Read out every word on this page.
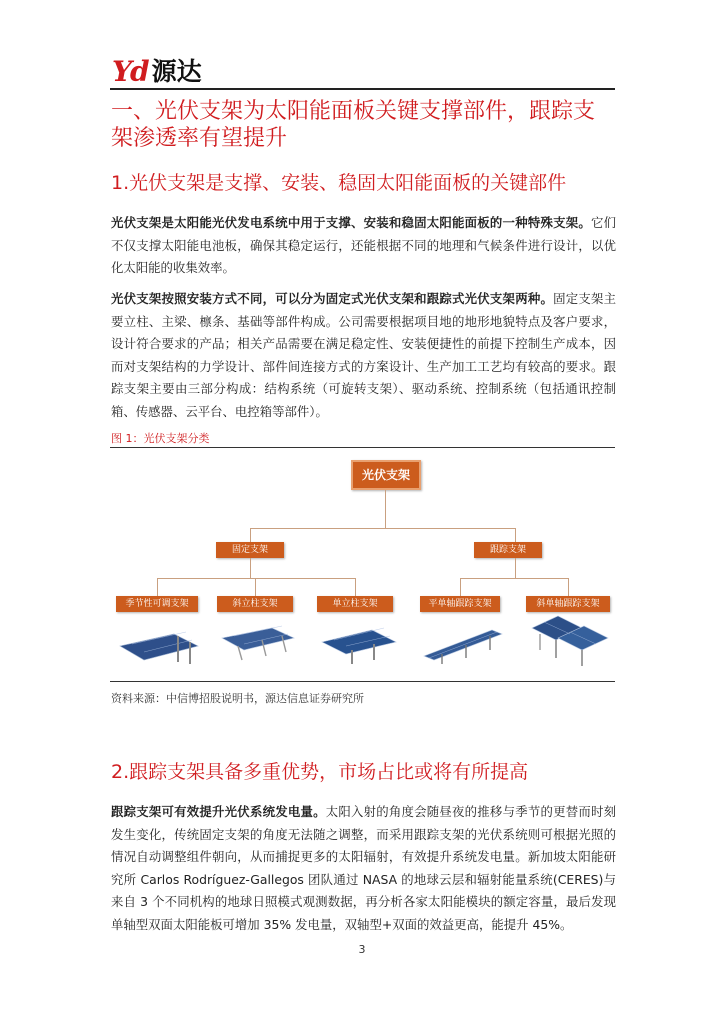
Yd 源达
一、光伏支架为太阳能面板关键支撑部件，跟踪支架渗透率有望提升
1.光伏支架是支撑、安装、稳固太阳能面板的关键部件

光伏支架是太阳能光伏发电系统中用于支撑、安装和稳固太阳能面板的一种特殊支架。它们不仅支撑太阳能电池板，确保其稳定运行，还能根据不同的地理和气候条件进行设计，以优化太阳能的收集效率。

光伏支架按照安装方式不同，可以分为固定式光伏支架和跟踪式光伏支架两种。固定支架主要立柱、主梁、檩条、基础等部件构成。公司需要根据项目地的地形地貌特点及客户要求，设计符合要求的产品；相关产品需要在满足稳定性、安装便捷性的前提下控制生产成本，因而对支架结构的力学设计、部件间连接方式的方案设计、生产加工工艺均有较高的要求。跟踪支架主要由三部分构成：结构系统（可旋转支架）、驱动系统、控制系统（包括通讯控制箱、传感器、云平台、电控箱等部件）。

图 1：光伏支架分类
光伏支架
固定支架	跟踪支架
季节性可调支架	斜立柱支架	单立柱支架	平单轴跟踪支架	斜单轴跟踪支架
资料来源：中信博招股说明书，源达信息证券研究所
2.跟踪支架具备多重优势，市场占比或将有所提高

跟踪支架可有效提升光伏系统发电量。太阳入射的角度会随昼夜的推移与季节的更替而时刻发生变化，传统固定支架的角度无法随之调整，而采用跟踪支架的光伏系统则可根据光照的情况自动调整组件朝向，从而捕捉更多的太阳辐射，有效提升系统发电量。新加坡太阳能研究所 Carlos Rodríguez-Gallegos 团队通过 NASA 的地球云层和辐射能量系统(CERES)与来自 3 个不同机构的地球日照模式观测数据，再分析各家太阳能模块的额定容量，最后发现单轴型双面太阳能板可增加 35% 发电量，双轴型+双面的效益更高，能提升 45%。

3
